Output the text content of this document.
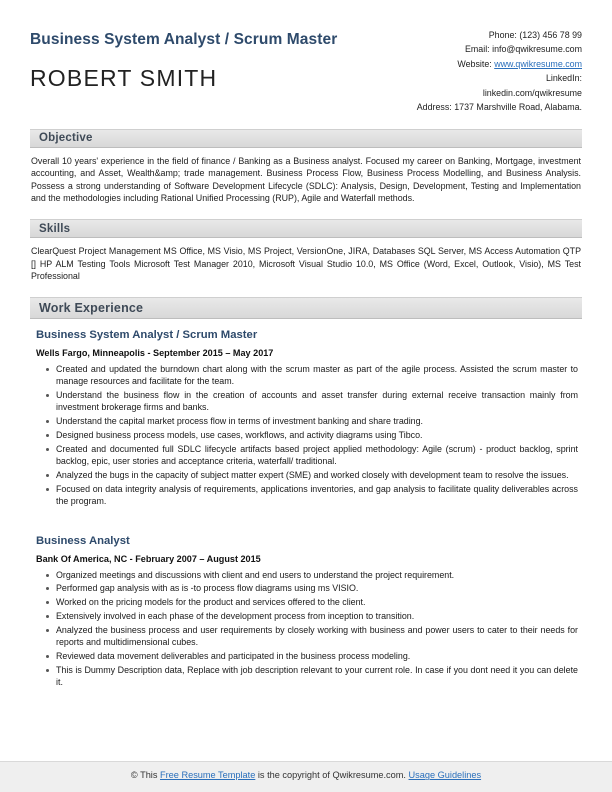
Business System Analyst / Scrum Master
ROBERT SMITH
Phone: (123) 456 78 99
Email: info@qwikresume.com
Website: www.qwikresume.com
LinkedIn:
linkedin.com/qwikresume
Address: 1737 Marshville Road, Alabama.
Objective
Overall 10 years' experience in the field of finance / Banking as a Business analyst. Focused my career on Banking, Mortgage, investment accounting, and Asset, Wealth&amp; trade management. Business Process Flow, Business Process Modelling, and Business Analysis. Possess a strong understanding of Software Development Lifecycle (SDLC): Analysis, Design, Development, Testing and Implementation and the methodologies including Rational Unified Processing (RUP), Agile and Waterfall methods.
Skills
ClearQuest Project Management MS Office, MS Visio, MS Project, VersionOne, JIRA, Databases SQL Server, MS Access Automation QTP [] HP ALM Testing Tools Microsoft Test Manager 2010, Microsoft Visual Studio 10.0, MS Office (Word, Excel, Outlook, Visio), MS Test Professional
Work Experience
Business System Analyst / Scrum Master
Wells Fargo, Minneapolis - September 2015 – May 2017
Created and updated the burndown chart along with the scrum master as part of the agile process. Assisted the scrum master to manage resources and facilitate for the team.
Understand the business flow in the creation of accounts and asset transfer during external receive transaction mainly from investment brokerage firms and banks.
Understand the capital market process flow in terms of investment banking and share trading.
Designed business process models, use cases, workflows, and activity diagrams using Tibco.
Created and documented full SDLC lifecycle artifacts based project applied methodology: Agile (scrum) - product backlog, sprint backlog, epic, user stories and acceptance criteria, waterfall/ traditional.
Analyzed the bugs in the capacity of subject matter expert (SME) and worked closely with development team to resolve the issues.
Focused on data integrity analysis of requirements, applications inventories, and gap analysis to facilitate quality deliverables across the program.
Business Analyst
Bank Of America, NC - February 2007 – August 2015
Organized meetings and discussions with client and end users to understand the project requirement.
Performed gap analysis with as is -to process flow diagrams using ms VISIO.
Worked on the pricing models for the product and services offered to the client.
Extensively involved in each phase of the development process from inception to transition.
Analyzed the business process and user requirements by closely working with business and power users to cater to their needs for reports and multidimensional cubes.
Reviewed data movement deliverables and participated in the business process modeling.
This is Dummy Description data, Replace with job description relevant to your current role. In case if you dont need it you can delete it.
© This Free Resume Template is the copyright of Qwikresume.com. Usage Guidelines
